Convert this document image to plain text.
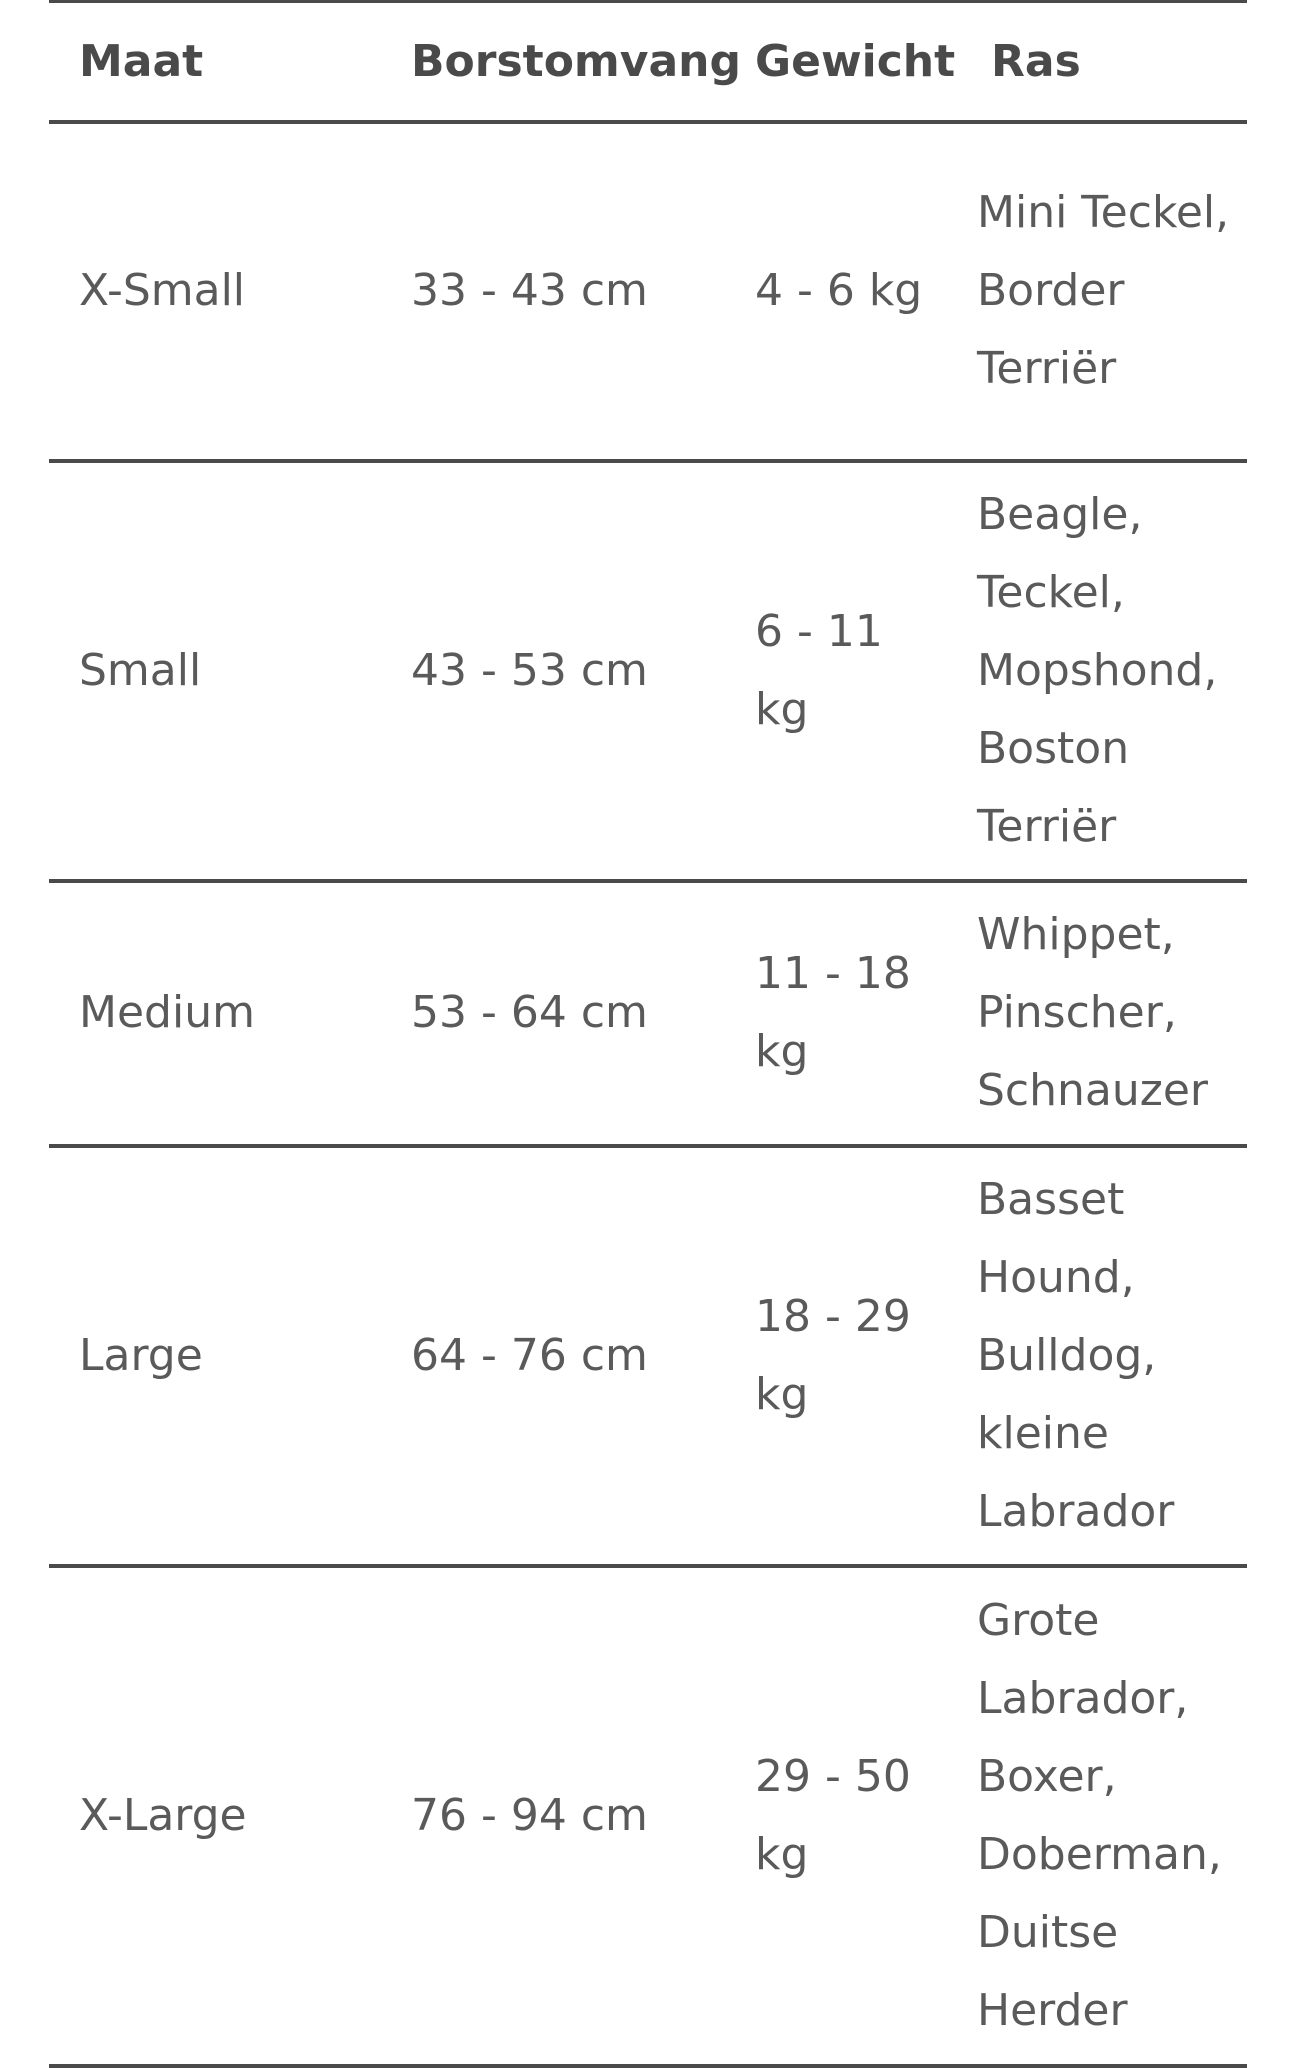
Maat	Borstomvang	Gewicht	Ras
X-Small	33 - 43 cm	4 - 6 kg	Mini Teckel, Border Terriër
Small	43 - 53 cm	6 - 11 kg	Beagle, Teckel, Mopshond, Boston Terriër
Medium	53 - 64 cm	11 - 18 kg	Whippet, Pinscher, Schnauzer
Large	64 - 76 cm	18 - 29 kg	Basset Hound, Bulldog, kleine Labrador
X-Large	76 - 94 cm	29 - 50 kg	Grote Labrador, Boxer, Doberman, Duitse Herder
